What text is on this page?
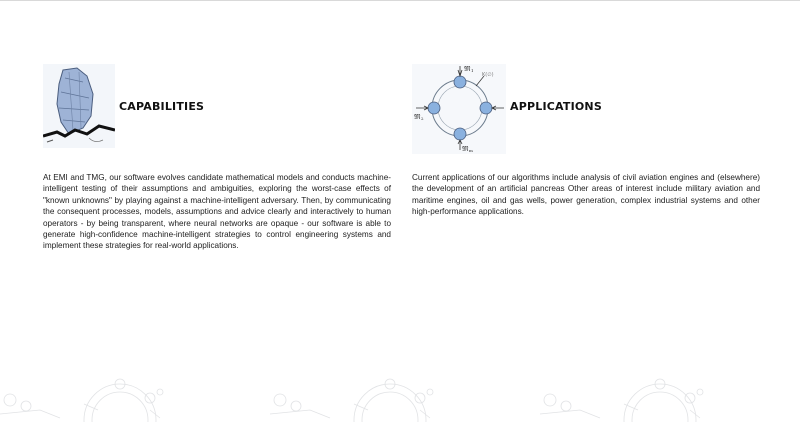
CAPABILITIES
At EMI and TMG, our software evolves candidate mathematical models and conducts machine-intelligent testing of their assumptions and ambiguities, exploring the worst-case effects of "known unknowns" by playing against a machine-intelligent adversary. Then, by communicating the consequent processes, models, assumptions and advice clearly and interactively to human operators - by being transparent, where neural networks are opaque - our software is able to generate high-confidence machine-intelligent strategies to control engineering systems and implement these strategies for real-world applications.
𝔐 1
𝔐 2
𝔐 m
K(∅)
APPLICATIONS
Current applications of our algorithms include analysis of civil aviation engines and (elsewhere) the development of an artificial pancreas Other areas of interest include military aviation and maritime engines, oil and gas wells, power generation, complex industrial systems and other high-performance applications.
